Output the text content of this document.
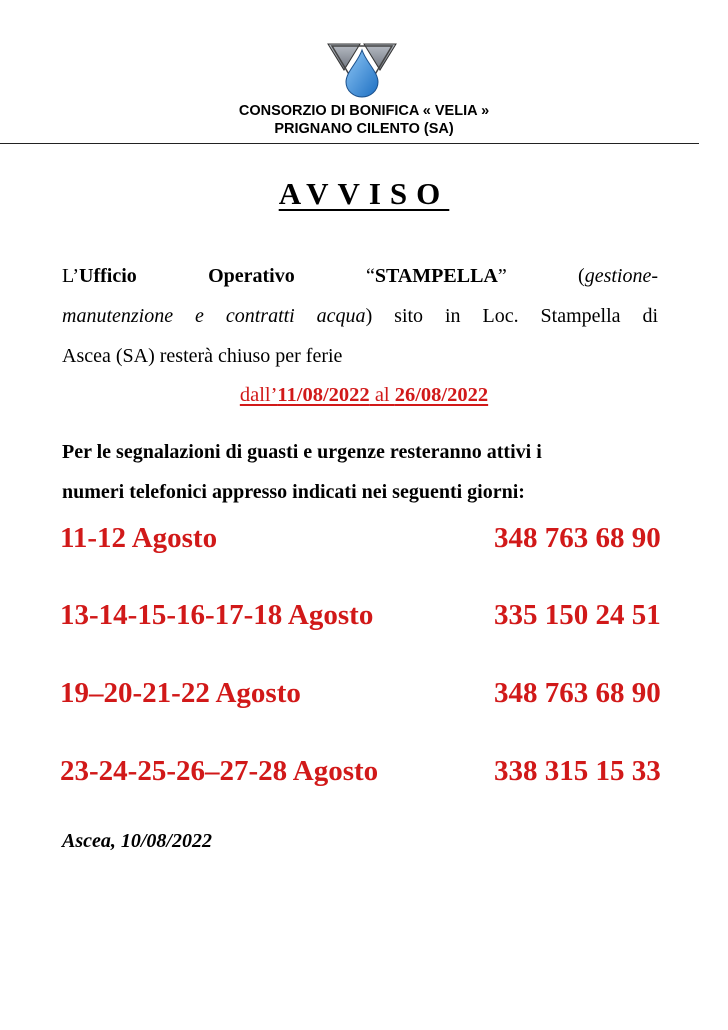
CONSORZIO DI BONIFICA « VELIA »
PRIGNANO CILENTO (SA)
AVVISO
L’Ufficio Operativo	“STAMPELLA” (gestione-
manutenzione e contratti acqua) sito in Loc. Stampella di
Ascea (SA) resterà chiuso per ferie
dall’11/08/2022 al 26/08/2022
Per le segnalazioni di guasti e urgenze resteranno attivi i
numeri telefonici appresso indicati nei seguenti giorni:
11-12 Agosto	348 763 68 90
13-14-15-16-17-18 Agosto	335 150 24 51
19–20-21-22 Agosto	348 763 68 90
23-24-25-26–27-28 Agosto	338 315 15 33
Ascea, 10/08/2022
